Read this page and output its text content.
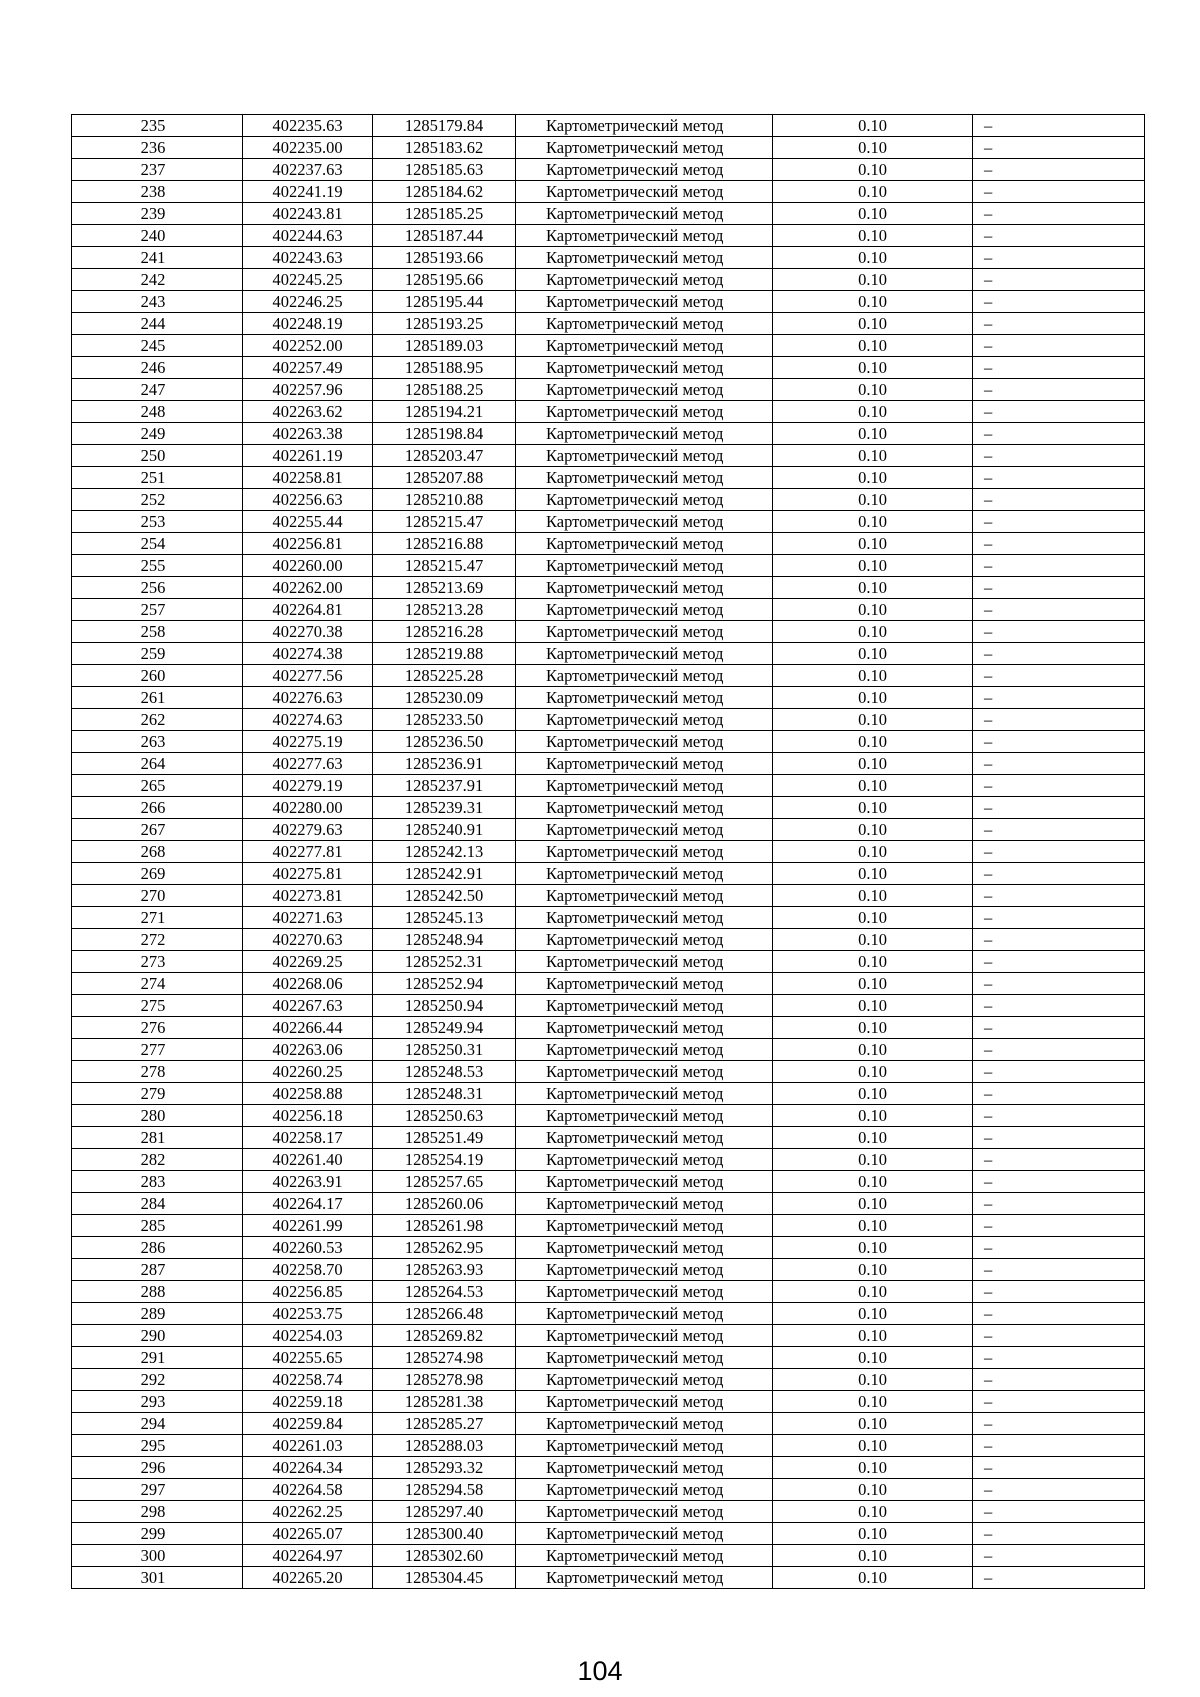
235	402235.63	1285179.84	Картометрический метод	0.10	–
236	402235.00	1285183.62	Картометрический метод	0.10	–
237	402237.63	1285185.63	Картометрический метод	0.10	–
238	402241.19	1285184.62	Картометрический метод	0.10	–
239	402243.81	1285185.25	Картометрический метод	0.10	–
240	402244.63	1285187.44	Картометрический метод	0.10	–
241	402243.63	1285193.66	Картометрический метод	0.10	–
242	402245.25	1285195.66	Картометрический метод	0.10	–
243	402246.25	1285195.44	Картометрический метод	0.10	–
244	402248.19	1285193.25	Картометрический метод	0.10	–
245	402252.00	1285189.03	Картометрический метод	0.10	–
246	402257.49	1285188.95	Картометрический метод	0.10	–
247	402257.96	1285188.25	Картометрический метод	0.10	–
248	402263.62	1285194.21	Картометрический метод	0.10	–
249	402263.38	1285198.84	Картометрический метод	0.10	–
250	402261.19	1285203.47	Картометрический метод	0.10	–
251	402258.81	1285207.88	Картометрический метод	0.10	–
252	402256.63	1285210.88	Картометрический метод	0.10	–
253	402255.44	1285215.47	Картометрический метод	0.10	–
254	402256.81	1285216.88	Картометрический метод	0.10	–
255	402260.00	1285215.47	Картометрический метод	0.10	–
256	402262.00	1285213.69	Картометрический метод	0.10	–
257	402264.81	1285213.28	Картометрический метод	0.10	–
258	402270.38	1285216.28	Картометрический метод	0.10	–
259	402274.38	1285219.88	Картометрический метод	0.10	–
260	402277.56	1285225.28	Картометрический метод	0.10	–
261	402276.63	1285230.09	Картометрический метод	0.10	–
262	402274.63	1285233.50	Картометрический метод	0.10	–
263	402275.19	1285236.50	Картометрический метод	0.10	–
264	402277.63	1285236.91	Картометрический метод	0.10	–
265	402279.19	1285237.91	Картометрический метод	0.10	–
266	402280.00	1285239.31	Картометрический метод	0.10	–
267	402279.63	1285240.91	Картометрический метод	0.10	–
268	402277.81	1285242.13	Картометрический метод	0.10	–
269	402275.81	1285242.91	Картометрический метод	0.10	–
270	402273.81	1285242.50	Картометрический метод	0.10	–
271	402271.63	1285245.13	Картометрический метод	0.10	–
272	402270.63	1285248.94	Картометрический метод	0.10	–
273	402269.25	1285252.31	Картометрический метод	0.10	–
274	402268.06	1285252.94	Картометрический метод	0.10	–
275	402267.63	1285250.94	Картометрический метод	0.10	–
276	402266.44	1285249.94	Картометрический метод	0.10	–
277	402263.06	1285250.31	Картометрический метод	0.10	–
278	402260.25	1285248.53	Картометрический метод	0.10	–
279	402258.88	1285248.31	Картометрический метод	0.10	–
280	402256.18	1285250.63	Картометрический метод	0.10	–
281	402258.17	1285251.49	Картометрический метод	0.10	–
282	402261.40	1285254.19	Картометрический метод	0.10	–
283	402263.91	1285257.65	Картометрический метод	0.10	–
284	402264.17	1285260.06	Картометрический метод	0.10	–
285	402261.99	1285261.98	Картометрический метод	0.10	–
286	402260.53	1285262.95	Картометрический метод	0.10	–
287	402258.70	1285263.93	Картометрический метод	0.10	–
288	402256.85	1285264.53	Картометрический метод	0.10	–
289	402253.75	1285266.48	Картометрический метод	0.10	–
290	402254.03	1285269.82	Картометрический метод	0.10	–
291	402255.65	1285274.98	Картометрический метод	0.10	–
292	402258.74	1285278.98	Картометрический метод	0.10	–
293	402259.18	1285281.38	Картометрический метод	0.10	–
294	402259.84	1285285.27	Картометрический метод	0.10	–
295	402261.03	1285288.03	Картометрический метод	0.10	–
296	402264.34	1285293.32	Картометрический метод	0.10	–
297	402264.58	1285294.58	Картометрический метод	0.10	–
298	402262.25	1285297.40	Картометрический метод	0.10	–
299	402265.07	1285300.40	Картометрический метод	0.10	–
300	402264.97	1285302.60	Картометрический метод	0.10	–
301	402265.20	1285304.45	Картометрический метод	0.10	–
104
